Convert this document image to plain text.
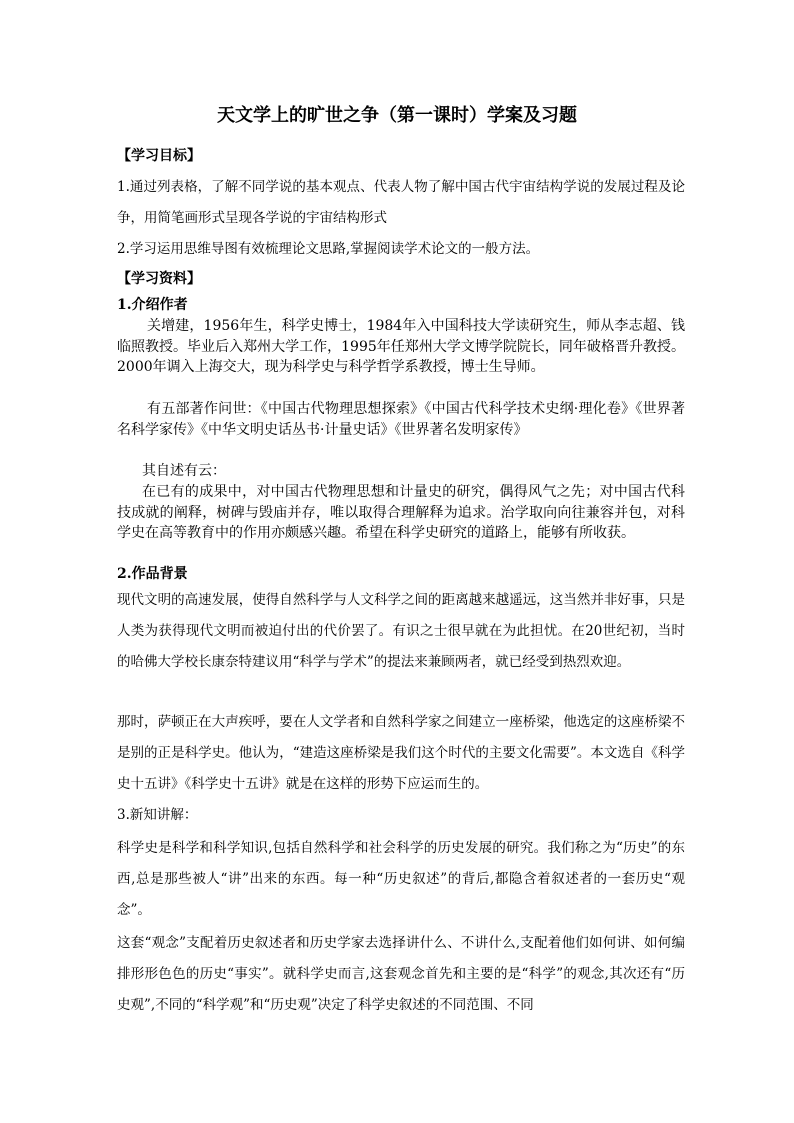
天文学上的旷世之争（第一课时）学案及习题
【学习目标】
1.通过列表格，了解不同学说的基本观点、代表人物了解中国古代宇宙结构学说的发展过程及论争，用简笔画形式呈现各学说的宇宙结构形式
2.学习运用思维导图有效梳理论文思路,掌握阅读学术论文的一般方法。
【学习资料】
1.介绍作者
关增建，1956年生，科学史博士，1984年入中国科技大学读研究生，师从李志超、钱临照教授。毕业后入郑州大学工作，1995年任郑州大学文博学院院长，同年破格晋升教授。2000年调入上海交大，现为科学史与科学哲学系教授，博士生导师。
有五部著作问世：《中国古代物理思想探索》《中国古代科学技术史纲·理化卷》《世界著名科学家传》《中华文明史话丛书·计量史话》《世界著名发明家传》
其自述有云：
在已有的成果中，对中国古代物理思想和计量史的研究，偶得风气之先；对中国古代科技成就的阐释，树碑与毁庙并存，唯以取得合理解释为追求。治学取向向往兼容并包，对科学史在高等教育中的作用亦颇感兴趣。希望在科学史研究的道路上，能够有所收获。
2.作品背景
现代文明的高速发展，使得自然科学与人文科学之间的距离越来越遥远，这当然并非好事，只是人类为获得现代文明而被迫付出的代价罢了。有识之士很早就在为此担忧。在20世纪初，当时的哈佛大学校长康奈特建议用“科学与学术”的提法来兼顾两者，就已经受到热烈欢迎。
那时，萨顿正在大声疾呼，要在人文学者和自然科学家之间建立一座桥梁，他选定的这座桥梁不是别的正是科学史。他认为，“建造这座桥梁是我们这个时代的主要文化需要”。本文选自《科学史十五讲》《科学史十五讲》就是在这样的形势下应运而生的。
3.新知讲解：
科学史是科学和科学知识,包括自然科学和社会科学的历史发展的研究。我们称之为“历史”的东西,总是那些被人“讲”出来的东西。每一种“历史叙述”的背后,都隐含着叙述者的一套历史“观念”。
这套“观念”支配着历史叙述者和历史学家去选择讲什么、不讲什么,支配着他们如何讲、如何编排形形色色的历史“事实”。就科学史而言,这套观念首先和主要的是“科学”的观念,其次还有“历史观”,不同的“科学观”和“历史观”决定了科学史叙述的不同范围、不同
